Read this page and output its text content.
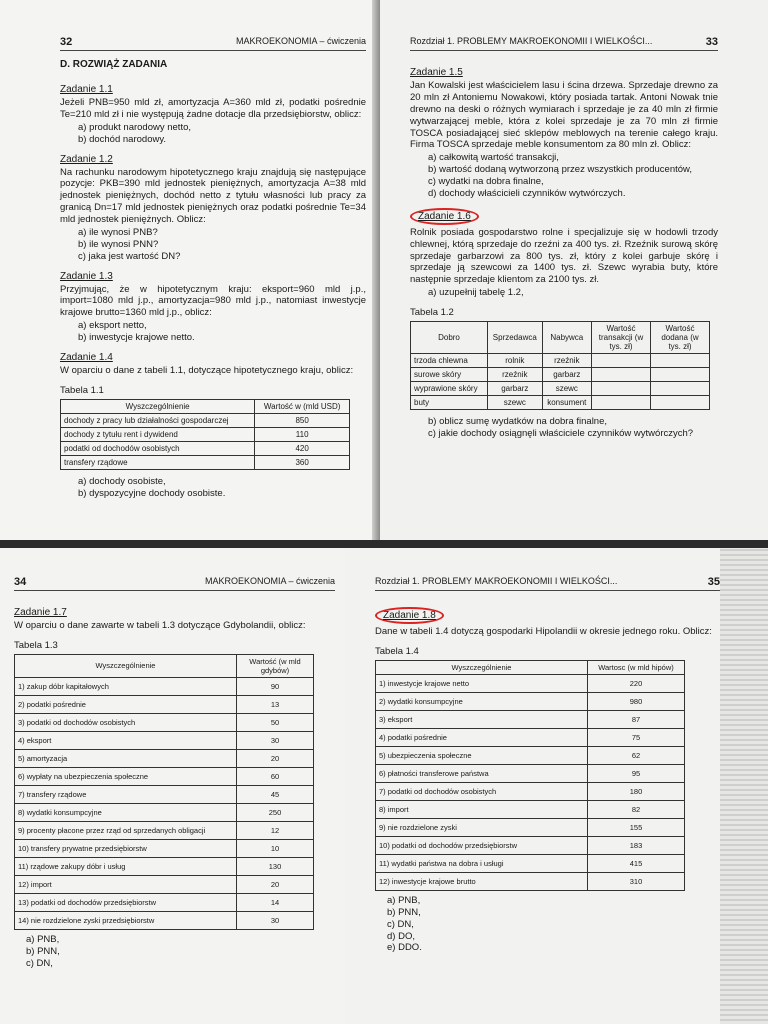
32	MAKROEKONOMIA – ćwiczenia
D. ROZWIĄŻ ZADANIA
Zadanie 1.1

Jeżeli PNB=950 mld zł, amortyzacja A=360 mld zł, podatki pośrednie Te=210 mld zł i nie występują żadne dotacje dla przedsiębiorstw, oblicz:

a) produkt narodowy netto,
b) dochód narodowy.
Zadanie 1.2

Na rachunku narodowym hipotetycznego kraju znajdują się następujące pozycje: PKB=390 mld jednostek pieniężnych, amortyzacja A=38 mld jednostek pieniężnych, dochód netto z tytułu własności lub pracy za granicą Dn=17 mld jednostek pieniężnych oraz podatki pośrednie Te=34 mld jednostek pieniężnych. Oblicz:

a) ile wynosi PNB?
b) ile wynosi PNN?
c) jaka jest wartość DN?
Zadanie 1.3

Przyjmując, że w hipotetycznym kraju: eksport=960 mld j.p., import=1080 mld j.p., amortyzacja=980 mld j.p., natomiast inwestycje krajowe brutto=1360 mld j.p., oblicz:

a) eksport netto,
b) inwestycje krajowe netto.
Zadanie 1.4

W oparciu o dane z tabeli 1.1, dotyczące hipotetycznego kraju, oblicz:

Tabela 1.1
Wyszczególnienie	Wartość w (mld USD)
dochody z pracy lub działalności gospodarczej	850
dochody z tytułu rent i dywidend	110
podatki od dochodów osobistych	420
transfery rządowe	360
a) dochody osobiste,
b) dyspozycyjne dochody osobiste.
Rozdział 1. PROBLEMY MAKROEKONOMII I WIELKOŚCI...	33
Zadanie 1.5

Jan Kowalski jest właścicielem lasu i ścina drzewa. Sprzedaje drewno za 20 mln zł Antoniemu Nowakowi, który posiada tartak. Antoni Nowak tnie drewno na deski o różnych wymiarach i sprzedaje je za 40 mln zł firmie wytwarzającej meble, która z kolei sprzedaje je za 70 mln zł firmie TOSCA posiadającej sieć sklepów meblowych na terenie całego kraju. Firma TOSCA sprzedaje meble konsumentom za 80 mln zł. Oblicz:

a) całkowitą wartość transakcji,
b) wartość dodaną wytworzoną przez wszystkich producentów,
c) wydatki na dobra finalne,
d) dochody właścicieli czynników wytwórczych.
Zadanie 1.6

Rolnik posiada gospodarstwo rolne i specjalizuje się w hodowli trzody chlewnej, którą sprzedaje do rzeźni za 400 tys. zł. Rzeźnik surową skórę sprzedaje garbarzowi za 800 tys. zł, który z kolei garbuje skórę i sprzedaje ją szewcowi za 1400 tys. zł. Szewc wyrabia buty, które następnie sprzedaje klientom za 2100 tys. zł.

a) uzupełnij tabelę 1.2,
Tabela 1.2
Dobro	Sprzedawca	Nabywca	Wartość transakcji (w tys. zł)	Wartość dodana (w tys. zł)
trzoda chlewna	rolnik	rzeźnik		
surowe skóry	rzeźnik	garbarz		
wyprawione skóry	garbarz	szewc		
buty	szewc	konsument		
b) oblicz sumę wydatków na dobra finalne,
c) jakie dochody osiągnęli właściciele czynników wytwórczych?
34	MAKROEKONOMIA – ćwiczenia
Zadanie 1.7

W oparciu o dane zawarte w tabeli 1.3 dotyczące Gdybolandii, oblicz:

Tabela 1.3
Wyszczególnienie	Wartość (w mld gdybów)
1) zakup dóbr kapitałowych	90
2) podatki pośrednie	13
3) podatki od dochodów osobistych	50
4) eksport	30
5) amortyzacja	20
6) wypłaty na ubezpieczenia społeczne	60
7) transfery rządowe	45
8) wydatki konsumpcyjne	250
9) procenty płacone przez rząd od sprzedanych obligacji	12
10) transfery prywatne przedsiębiorstw	10
11) rządowe zakupy dóbr i usług	130
12) import	20
13) podatki od dochodów przedsiębiorstw	14
14) nie rozdzielone zyski przedsiębiorstw	30
a) PNB,
b) PNN,
c) DN,
Rozdział 1. PROBLEMY MAKROEKONOMII I WIELKOŚCI...	35
Zadanie 1.8

Dane w tabeli 1.4 dotyczą gospodarki Hipolandii w okresie jednego roku. Oblicz:

Tabela 1.4
Wyszczególnienie	Wartosc (w mld hipów)
1) inwestycje krajowe netto	220
2) wydatki konsumpcyjne	980
3) eksport	87
4) podatki pośrednie	75
5) ubezpieczenia społeczne	62
6) płatności transferowe państwa	95
7) podatki od dochodów osobistych	180
8) import	82
9) nie rozdzielone zyski	155
10) podatki od dochodów przedsiębiorstw	183
11) wydatki państwa na dobra i usługi	415
12) inwestycje krajowe brutto	310
a) PNB,
b) PNN,
c) DN,
d) DO,
e) DDO.
